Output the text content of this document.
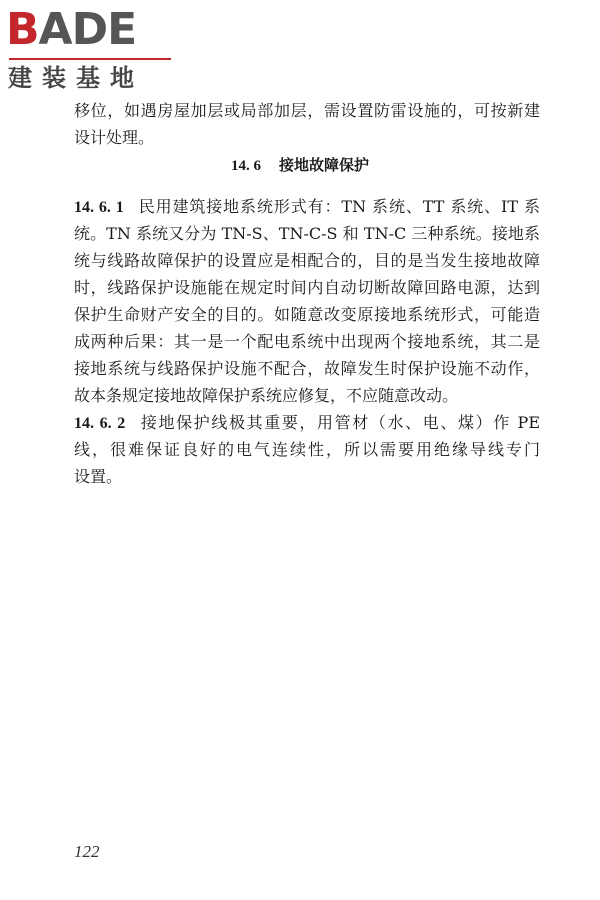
BADE
建装基地
移位，如遇房屋加层或局部加层，需设置防雷设施的，可按新建
设计处理。
14. 6 接地故障保护
14. 6. 1 民用建筑接地系统形式有：TN 系统、TT 系统、IT 系
统。TN 系统又分为 TN-S、TN-C-S 和 TN-C 三种系统。接地系
统与线路故障保护的设置应是相配合的，目的是当发生接地故障
时，线路保护设施能在规定时间内自动切断故障回路电源，达到
保护生命财产安全的目的。如随意改变原接地系统形式，可能造
成两种后果：其一是一个配电系统中出现两个接地系统，其二是
接地系统与线路保护设施不配合，故障发生时保护设施不动作，
故本条规定接地故障保护系统应修复，不应随意改动。
14. 6. 2 接地保护线极其重要，用管材（水、电、煤）作 PE
线，很难保证良好的电气连续性，所以需要用绝缘导线专门
设置。
122
